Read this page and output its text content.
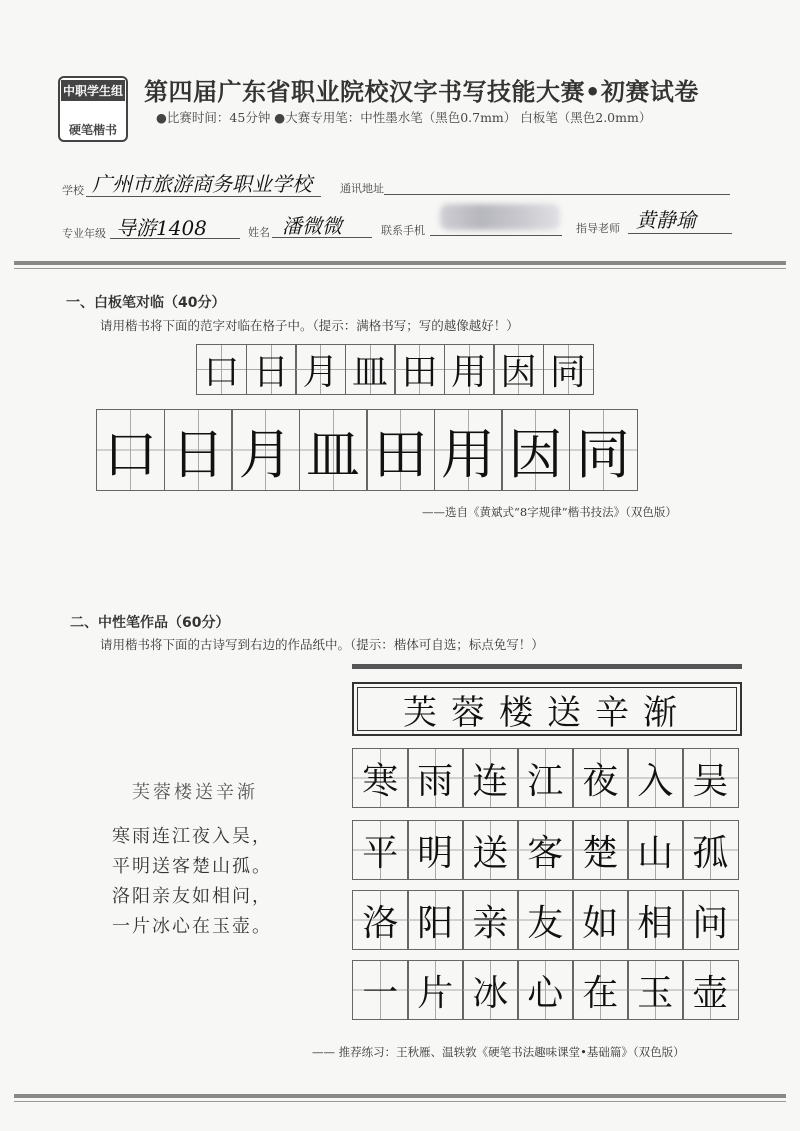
中职学生组
硬笔楷书
第四届广东省职业院校汉字书写技能大赛•初赛试卷
●比赛时间：45分钟 ●大赛专用笔：中性墨水笔（黑色0.7mm） 白板笔（黑色2.0mm）
学校 广州市旅游商务职业学校	通讯地址
专业年级 导游1408	姓名 潘微微	联系手机	指导老师 黄静瑜
一、白板笔对临（40分）
请用楷书将下面的范字对临在格子中。（提示：满格书写；写的越像越好！）
口 日 月 皿 田 用 因 同
口 日 月 皿 田 用 因 同
——选自《黄斌式“8字规律”楷书技法》（双色版）
二、中性笔作品（60分）
请用楷书将下面的古诗写到右边的作品纸中。（提示：楷体可自选；标点免写！）
芙蓉楼送辛渐
寒雨连江夜入吴，
平明送客楚山孤。
洛阳亲友如相问，
一片冰心在玉壶。
芙蓉楼送辛渐
寒 雨 连 江 夜 入 吴
平 明 送 客 楚 山 孤
洛 阳 亲 友 如 相 问
一 片 冰 心 在 玉 壶
—— 推荐练习：王秋雁、温轶敦《硬笔书法趣味课堂•基础篇》（双色版）
